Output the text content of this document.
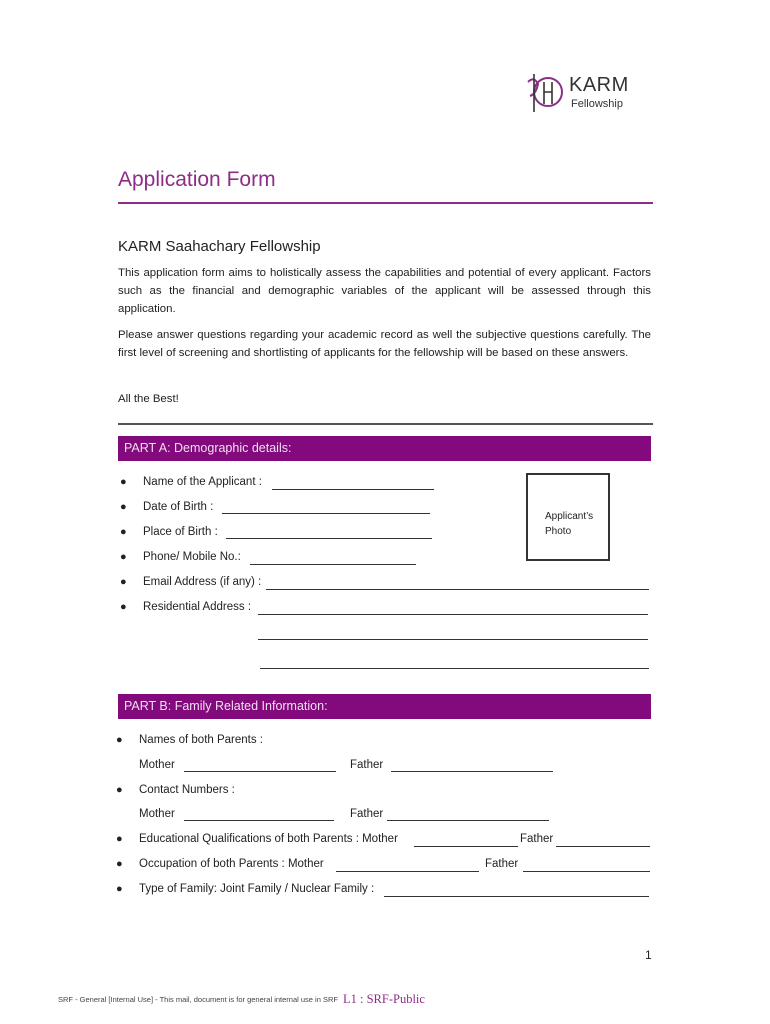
KARM
Fellowship
Application Form
KARM Saahachary Fellowship
This application form aims to holistically assess the capabilities and potential of every applicant. Factors such as the financial and demographic variables of the applicant will be assessed through this application.
Please answer questions regarding your academic record as well the subjective questions carefully. The first level of screening and shortlisting of applicants for the fellowship will be based on these answers.
All the Best!
PART A: Demographic details:
● Name of the Applicant :
● Date of Birth :
● Place of Birth :
● Phone/ Mobile No.:
● Email Address (if any) :
● Residential Address :
Applicant’s Photo
PART B: Family Related Information:
● Names of both Parents :
Mother	Father
● Contact Numbers :
Mother	Father
● Educational Qualifications of both Parents : Mother	Father
● Occupation of both Parents : Mother	Father
● Type of Family: Joint Family / Nuclear Family :
1
SRF - General [Internal Use] - This mail, document is for general internal use in SRF L1 : SRF-Public
